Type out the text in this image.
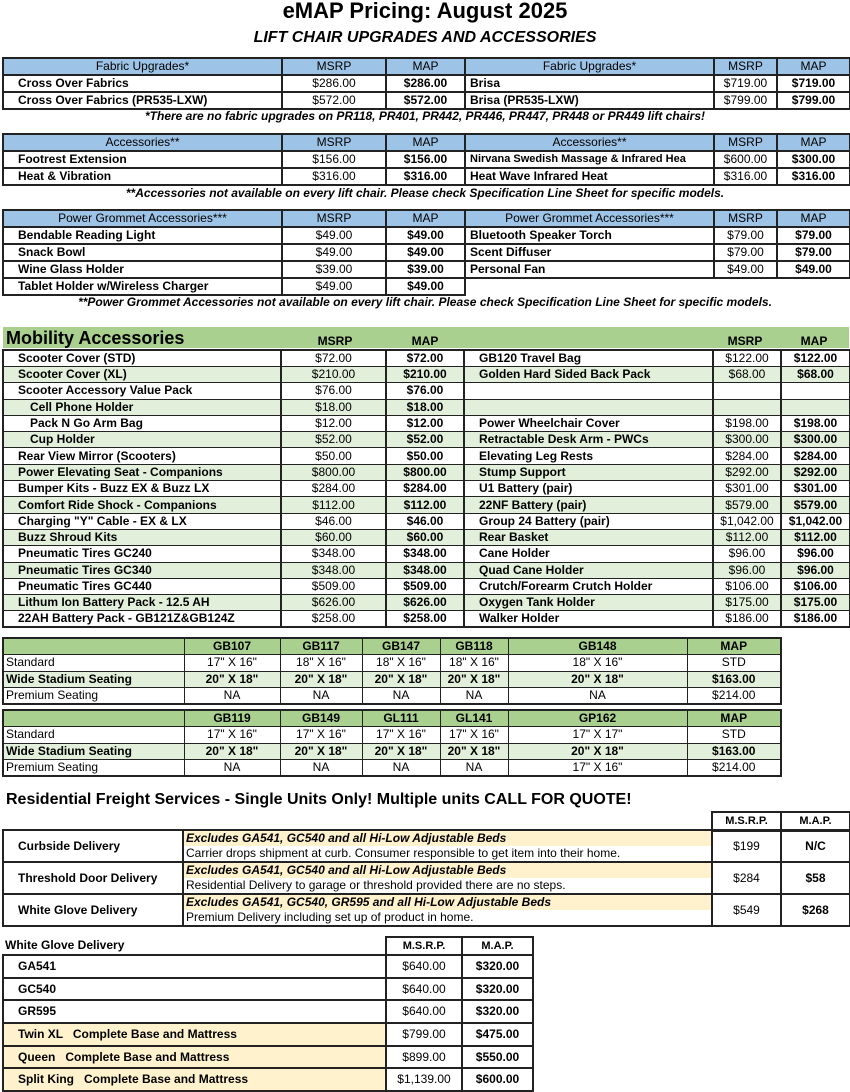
eMAP Pricing: August 2025
LIFT CHAIR UPGRADES AND ACCESSORIES
Fabric Upgrades*	MSRP	MAP	Fabric Upgrades*	MSRP	MAP
Cross Over Fabrics	$286.00	$286.00	Brisa	$719.00	$719.00
Cross Over Fabrics (PR535-LXW)	$572.00	$572.00	Brisa (PR535-LXW)	$799.00	$799.00
*There are no fabric upgrades on PR118, PR401, PR442, PR446, PR447, PR448 or PR449 lift chairs!
Accessories**	MSRP	MAP	Accessories**	MSRP	MAP
Footrest Extension	$156.00	$156.00	Nirvana Swedish Massage & Infrared Hea	$600.00	$300.00
Heat & Vibration	$316.00	$316.00	Heat Wave Infrared Heat	$316.00	$316.00
**Accessories not available on every lift chair. Please check Specification Line Sheet for specific models.
Power Grommet Accessories***	MSRP	MAP	Power Grommet Accessories***	MSRP	MAP
Bendable Reading Light	$49.00	$49.00	Bluetooth Speaker Torch	$79.00	$79.00
Snack Bowl	$49.00	$49.00	Scent Diffuser	$79.00	$79.00
Wine Glass Holder	$39.00	$39.00	Personal Fan	$49.00	$49.00
Tablet Holder w/Wireless Charger	$49.00	$49.00			
**Power Grommet Accessories not available on every lift chair. Please check Specification Line Sheet for specific models.
Mobility Accessories	MSRP	MAP	MSRP	MAP
Scooter Cover (STD)	$72.00	$72.00	GB120 Travel Bag	$122.00	$122.00
Scooter Cover (XL)	$210.00	$210.00	Golden Hard Sided Back Pack	$68.00	$68.00
Scooter Accessory Value Pack	$76.00	$76.00			
Cell Phone Holder	$18.00	$18.00			
Pack N Go Arm Bag	$12.00	$12.00	Power Wheelchair Cover	$198.00	$198.00
Cup Holder	$52.00	$52.00	Retractable Desk Arm - PWCs	$300.00	$300.00
Rear View Mirror (Scooters)	$50.00	$50.00	Elevating Leg Rests	$284.00	$284.00
Power Elevating Seat - Companions	$800.00	$800.00	Stump Support	$292.00	$292.00
Bumper Kits - Buzz EX & Buzz LX	$284.00	$284.00	U1 Battery (pair)	$301.00	$301.00
Comfort Ride Shock - Companions	$112.00	$112.00	22NF Battery (pair)	$579.00	$579.00
Charging "Y" Cable - EX & LX	$46.00	$46.00	Group 24 Battery (pair)	$1,042.00	$1,042.00
Buzz Shroud Kits	$60.00	$60.00	Rear Basket	$112.00	$112.00
Pneumatic Tires GC240	$348.00	$348.00	Cane Holder	$96.00	$96.00
Pneumatic Tires GC340	$348.00	$348.00	Quad Cane Holder	$96.00	$96.00
Pneumatic Tires GC440	$509.00	$509.00	Crutch/Forearm Crutch Holder	$106.00	$106.00
Lithum Ion Battery Pack - 12.5 AH	$626.00	$626.00	Oxygen Tank Holder	$175.00	$175.00
22AH Battery Pack - GB121Z&GB124Z	$258.00	$258.00	Walker Holder	$186.00	$186.00
	GB107	GB117	GB147	GB118	GB148	MAP
Standard	17" X 16"	18" X 16"	18" X 16"	18" X 16"	18" X 16"	STD
Wide Stadium Seating	20" X 18"	20" X 18"	20" X 18"	20" X 18"	20" X 18"	$163.00
Premium Seating	NA	NA	NA	NA	NA	$214.00
	GB119	GB149	GL111	GL141	GP162	MAP
Standard	17" X 16"	17" X 16"	17" X 16"	17" X 16"	17" X 17"	STD
Wide Stadium Seating	20" X 18"	20" X 18"	20" X 18"	20" X 18"	20" X 18"	$163.00
Premium Seating	NA	NA	NA	NA	17" X 16"	$214.00
Residential Freight Services - Single Units Only! Multiple units CALL FOR QUOTE!
M.S.R.P.	M.A.P.
Curbside Delivery	Excludes GA541, GC540 and all Hi-Low Adjustable Beds	$199	N/C
	Carrier drops shipment at curb. Consumer responsible to get item into their home.		
Threshold Door Delivery	Excludes GA541, GC540 and all Hi-Low Adjustable Beds	$284	$58
	Residential Delivery to garage or threshold provided there are no steps.		
White Glove Delivery	Excludes GA541, GC540, GR595 and all Hi-Low Adjustable Beds	$549	$268
	Premium Delivery including set up of product in home.		
White Glove Delivery	M.S.R.P.	M.A.P.
GA541	$640.00	$320.00
GC540	$640.00	$320.00
GR595	$640.00	$320.00
Twin XL   Complete Base and Mattress	$799.00	$475.00
Queen   Complete Base and Mattress	$899.00	$550.00
Split King   Complete Base and Mattress	$1,139.00	$600.00
